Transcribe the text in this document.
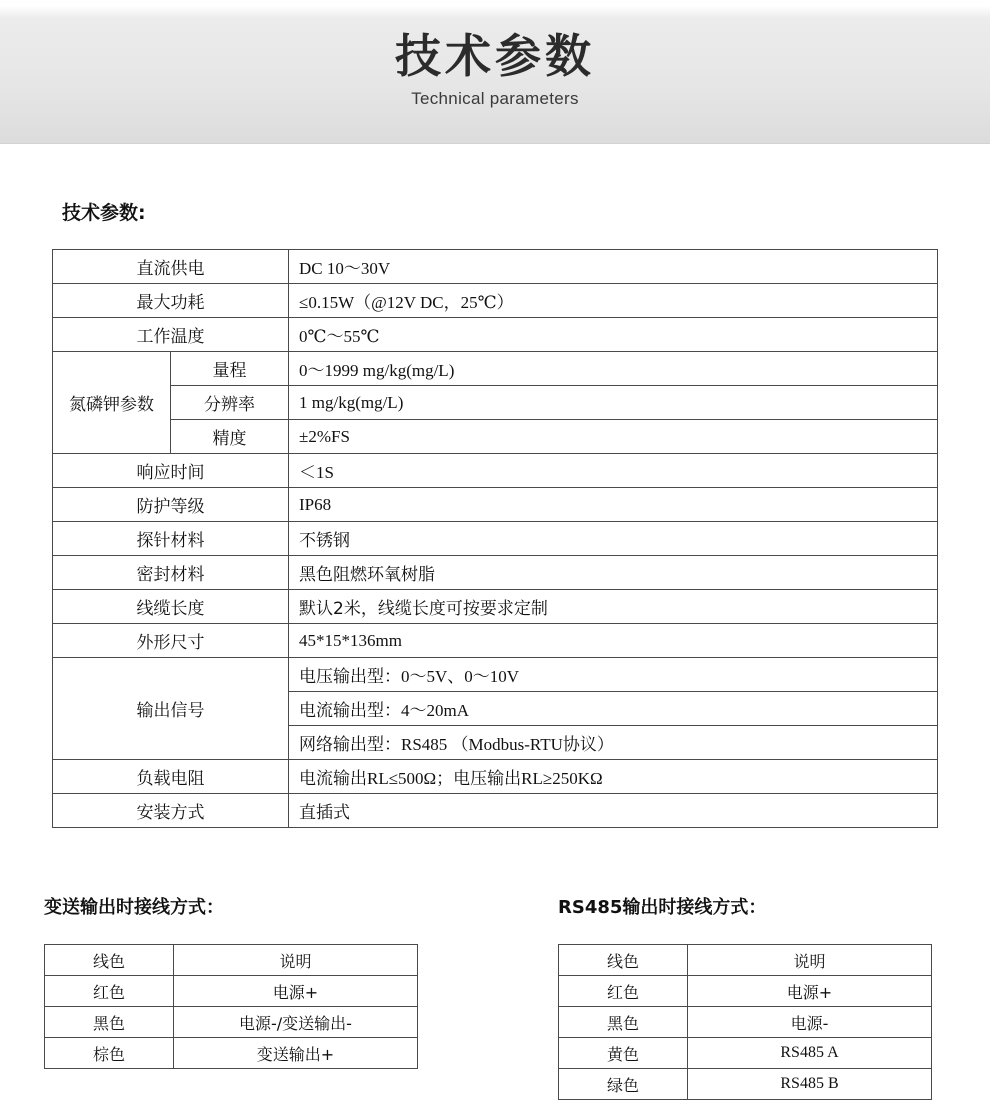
技术参数
Technical parameters
技术参数:
直流供电		DC 10～30V
最大功耗		≤0.15W（@12V DC，25℃）
工作温度		0℃～55℃
氮磷钾参数	量程	0～1999 mg/kg(mg/L)
	分辨率	1 mg/kg(mg/L)
	精度	±2%FS
响应时间		＜1S
防护等级		IP68
探针材料		不锈钢
密封材料		黑色阻燃环氧树脂
线缆长度		默认2米，线缆长度可按要求定制
外形尺寸		45*15*136mm
输出信号		电压输出型：0～5V、0～10V
		电流输出型：4～20mA
		网络输出型：RS485 （Modbus-RTU协议）
负载电阻		电流输出RL≤500Ω；电压输出RL≥250KΩ
安装方式		直插式
变送输出时接线方式：	RS485输出时接线方式：
线色	说明
红色	电源+
黑色	电源-/变送输出-
棕色	变送输出+
线色	说明
红色	电源+
黑色	电源-
黄色	RS485 A
绿色	RS485 B
